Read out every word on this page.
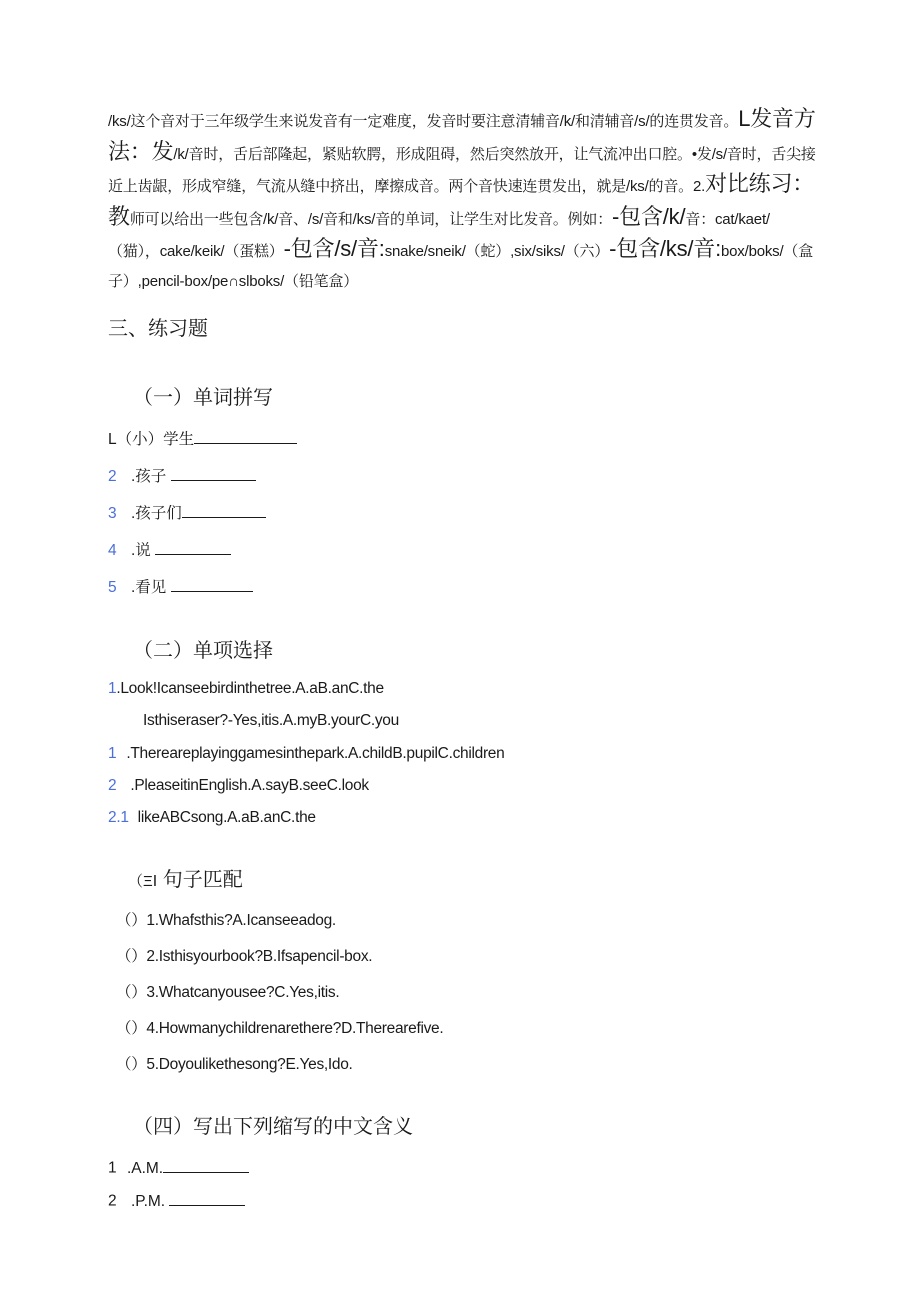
/ks/这个音对于三年级学生来说发音有一定难度，发音时要注意清辅音/k/和清辅音/s/的连贯发音。L发音方法：发/k/音时，舌后部隆起，紧贴软腭，形成阻碍，然后突然放开，让气流冲出口腔。•发/s/音时，舌尖接近上齿龈，形成窄缝，气流从缝中挤出，摩擦成音。两个音快速连贯发出，就是/ks/的音。2.对比练习：教师可以给出一些包含/k/音、/s/音和/ks/音的单词，让学生对比发音。例如：-包含/k/音：cat/kaet/（猫），cake/keik/（蛋糕）-包含/s/音:snake/sneik/（蛇）,six/siks/（六）-包含/ks/音:box/boks/（盒子）,pencil-box/pe∩slboks/（铅笔盒）
三、练习题
（一）单词拼写
L（小）学生
2 .孩子
3 .孩子们
4 .说
5 .看见
（二）单项选择
1.Look!Icanseebirdinthetree.A.aB.anC.the
Isthiseraser?-Yes,itis.A.myB.yourC.you
1 .Thereareplayinggamesinthepark.A.childB.pupilC.children
2 .PleaseitinEnglish.A.sayB.seeC.look
2.1 likeABCsong.A.aB.anC.the
（ΞⅠ 句子匹配
（）1.Whafsthis?A.Icanseeadog.
（）2.Isthisyourbook?B.Ifsapencil-box.
（）3.Whatcanyousee?C.Yes,itis.
（）4.Howmanychildrenarethere?D.Therearefive.
（）5.Doyoulikethesong?E.Yes,Ido.
（四）写出下列缩写的中文含义
1 .A.M.
2 .P.M.
